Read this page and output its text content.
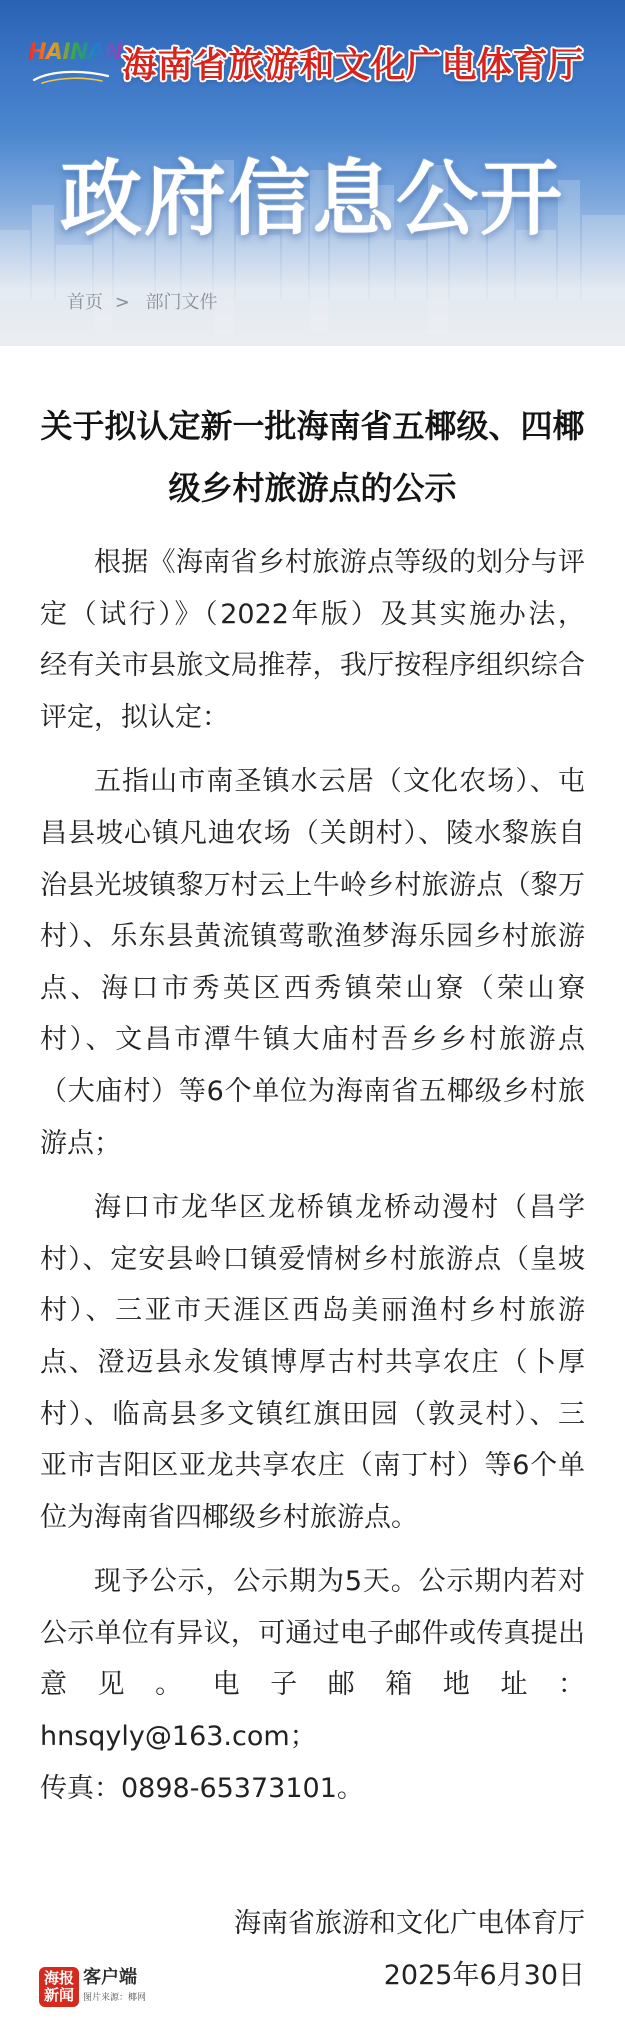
HAINAN 海南省旅游和文化广电体育厅
政府信息公开
首页 > 部门文件
关于拟认定新一批海南省五椰级、四椰
级乡村旅游点的公示
根据《海南省乡村旅游点等级的划分与评
定（试行）》（2022年版）及其实施办法，
经有关市县旅文局推荐，我厅按程序组织综合
评定，拟认定：
五指山市南圣镇水云居（文化农场）、屯
昌县坡心镇凡迪农场（关朗村）、陵水黎族自
治县光坡镇黎万村云上牛岭乡村旅游点（黎万
村）、乐东县黄流镇莺歌渔梦海乐园乡村旅游
点、海口市秀英区西秀镇荣山寮（荣山寮
村）、文昌市潭牛镇大庙村吾乡乡村旅游点
（大庙村）等6个单位为海南省五椰级乡村旅
游点；
海口市龙华区龙桥镇龙桥动漫村（昌学
村）、定安县岭口镇爱情树乡村旅游点（皇坡
村）、三亚市天涯区西岛美丽渔村乡村旅游
点、澄迈县永发镇博厚古村共享农庄（卜厚
村）、临高县多文镇红旗田园（敦灵村）、三
亚市吉阳区亚龙共享农庄（南丁村）等6个单
位为海南省四椰级乡村旅游点。
现予公示，公示期为5天。公示期内若对
公示单位有异议，可通过电子邮件或传真提出
意见。电子邮箱地址：hnsqyly@163.com；
传真：0898-65373101。
海南省旅游和文化广电体育厅
2025年6月30日
海报
新闻
客户端
图片来源：椰网
